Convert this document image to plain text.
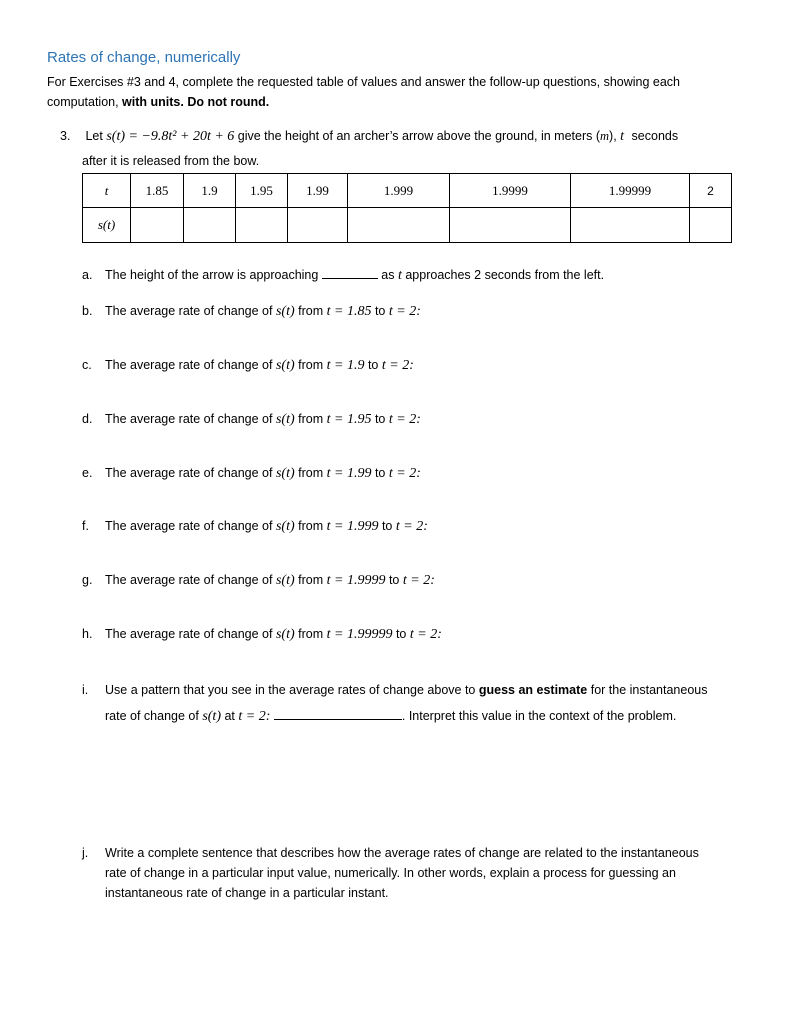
Rates of change, numerically
For Exercises #3 and 4, complete the requested table of values and answer the follow-up questions, showing each
computation, with units. Do not round.
3. Let s(t) = −9.8t² + 20t + 6 give the height of an archer’s arrow above the ground, in meters (m), t seconds
after it is released from the bow.
t	1.85	1.9	1.95	1.99	1.999	1.9999	1.99999	2
s(t)								
a. The height of the arrow is approaching	as t approaches 2 seconds from the left.
b. The average rate of change of s(t) from t = 1.85 to t = 2:
c. The average rate of change of s(t) from t = 1.9 to t = 2:
d. The average rate of change of s(t) from t = 1.95 to t = 2:
e. The average rate of change of s(t) from t = 1.99 to t = 2:
f. The average rate of change of s(t) from t = 1.999 to t = 2:
g. The average rate of change of s(t) from t = 1.9999 to t = 2:
h. The average rate of change of s(t) from t = 1.99999 to t = 2:
i. Use a pattern that you see in the average rates of change above to guess an estimate for the instantaneous
rate of change of s(t) at t = 2:	. Interpret this value in the context of the problem.
j. Write a complete sentence that describes how the average rates of change are related to the instantaneous
rate of change in a particular input value, numerically. In other words, explain a process for guessing an
instantaneous rate of change in a particular instant.
